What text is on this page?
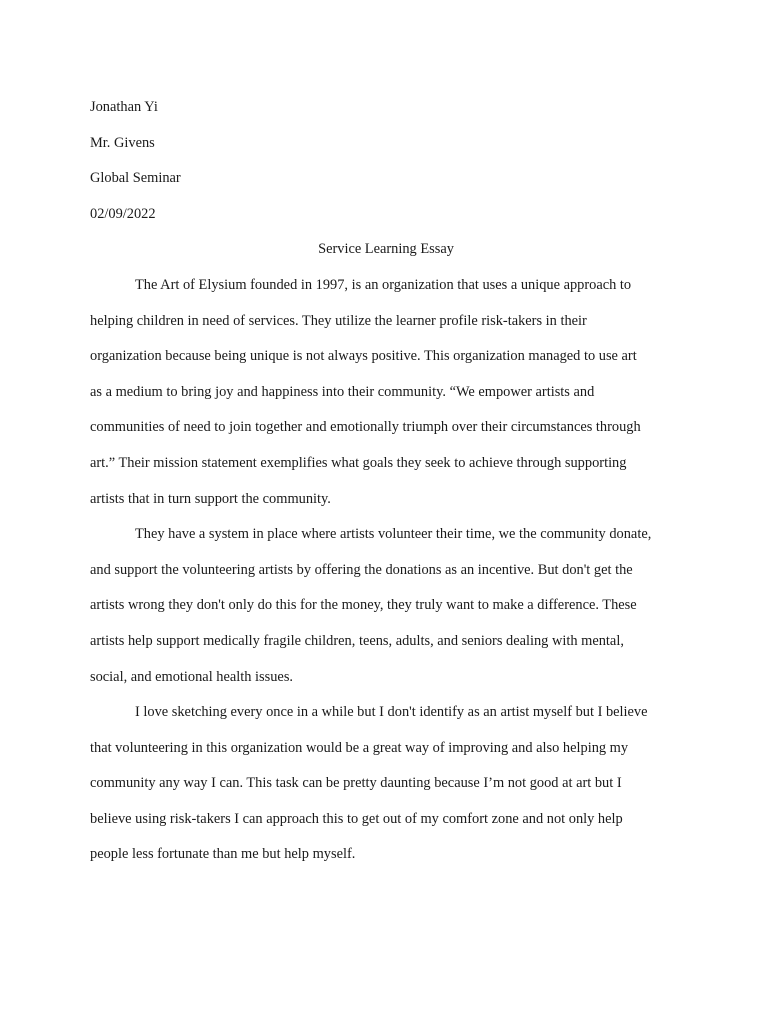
Jonathan Yi

Mr. Givens

Global Seminar

02/09/2022

Service Learning Essay

The Art of Elysium founded in 1997, is an organization that uses a unique approach to
helping children in need of services. They utilize the learner profile risk-takers in their
organization because being unique is not always positive. This organization managed to use art
as a medium to bring joy and happiness into their community. “We empower artists and
communities of need to join together and emotionally triumph over their circumstances through
art.” Their mission statement exemplifies what goals they seek to achieve through supporting
artists that in turn support the community.
They have a system in place where artists volunteer their time, we the community donate,
and support the volunteering artists by offering the donations as an incentive. But don't get the
artists wrong they don't only do this for the money, they truly want to make a difference. These
artists help support medically fragile children, teens, adults, and seniors dealing with mental,
social, and emotional health issues.
I love sketching every once in a while but I don't identify as an artist myself but I believe
that volunteering in this organization would be a great way of improving and also helping my
community any way I can. This task can be pretty daunting because I’m not good at art but I
believe using risk-takers I can approach this to get out of my comfort zone and not only help
people less fortunate than me but help myself.
